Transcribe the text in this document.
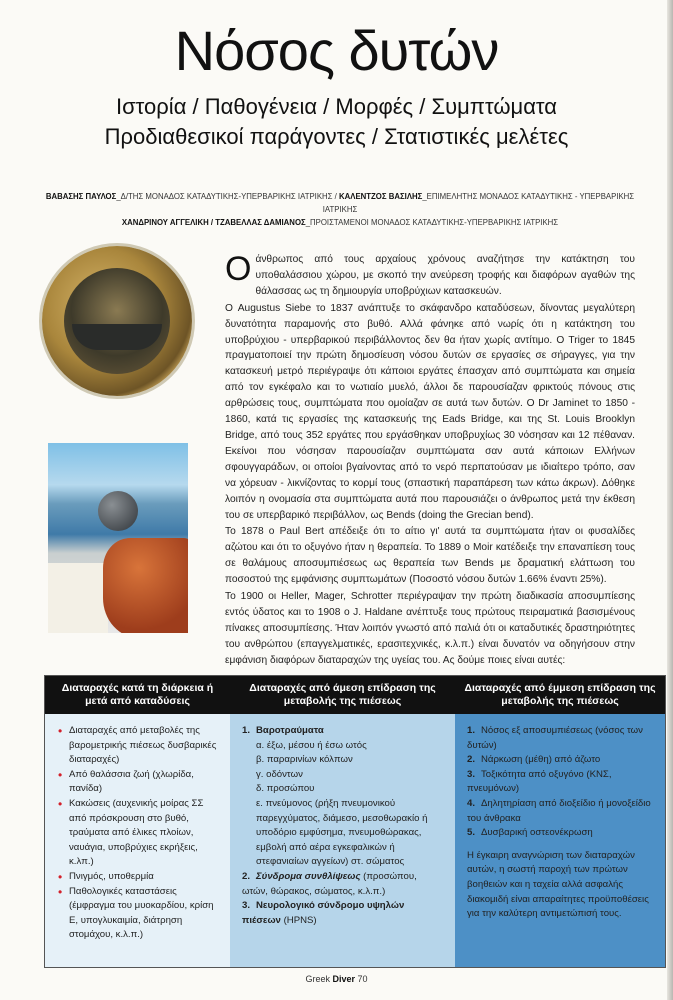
Νόσος δυτών
Ιστορία / Παθογένεια / Μορφές / Συμπτώματα
Προδιαθεσικοί παράγοντες / Στατιστικές μελέτες
ΒΑΒΑΣΗΣ ΠΑΥΛΟΣ_Δ/ΤΗΣ ΜΟΝΑΔΟΣ ΚΑΤΑΔΥΤΙΚΗΣ-ΥΠΕΡΒΑΡΙΚΗΣ ΙΑΤΡΙΚΗΣ / ΚΑΛΕΝΤΖΟΣ ΒΑΣΙΛΗΣ_ΕΠΙΜΕΛΗΤΗΣ ΜΟΝΑΔΟΣ ΚΑΤΑΔΥΤΙΚΗΣ - ΥΠΕΡΒΑΡΙΚΗΣ ΙΑΤΡΙΚΗΣ
ΧΑΝΔΡΙΝΟΥ ΑΓΓΕΛΙΚΗ / ΤΖΑΒΕΛΛΑΣ ΔΑΜΙΑΝΟΣ_ΠΡΟΙΣΤΑΜΕΝΟΙ ΜΟΝΑΔΟΣ ΚΑΤΑΔΥΤΙΚΗΣ-ΥΠΕΡΒΑΡΙΚΗΣ ΙΑΤΡΙΚΗΣ

Ο άνθρωπος από τους αρχαίους χρόνους αναζήτησε την κατάκτηση του υποθαλάσσιου χώρου, με σκοπό την ανεύρεση τροφής και διαφόρων αγαθών της θάλασσας ως τη δημιουργία υποβρύχιων κατασκευών.

Ο Augustus Siebe το 1837 ανάπτυξε το σκάφανδρο καταδύσεων, δίνοντας μεγαλύτερη δυνατότητα παραμονής στο βυθό. Αλλά φάνηκε από νωρίς ότι η κατάκτηση του υποβρύχιου - υπερβαρικού περιβάλλοντος δεν θα ήταν χωρίς αντίτιμο. Ο Triger το 1845 πραγματοποιεί την πρώτη δημοσίευση νόσου δυτών σε εργασίες σε σήραγγες, για την κατασκευή μετρό περιέγραψε ότι κάποιοι εργάτες έπασχαν από συμπτώματα και σημεία από τον εγκέφαλο και το νωτιαίο μυελό, άλλοι δε παρουσίαζαν φρικτούς πόνους στις αρθρώσεις τους, συμπτώματα που ομοίαζαν σε αυτά των δυτών. Ο Dr Jaminet το 1850 - 1860, κατά τις εργασίες της κατασκευής της Eads Bridge, και της St. Louis Brooklyn Bridge, από τους 352 εργάτες που εργάσθηκαν υποβρυχίως 30 νόσησαν και 12 πέθαναν. Εκείνοι που νόσησαν παρουσίαζαν συμπτώματα σαν αυτά κάποιων Ελλήνων σφουγγαράδων, οι οποίοι βγαίνοντας από το νερό περπατούσαν με ιδιαίτερο τρόπο, σαν να χόρευαν - λικνίζοντας το κορμί τους (σπαστική παραπάρεση των κάτω άκρων). Δόθηκε λοιπόν η ονομασία στα συμπτώματα αυτά που παρουσιάζει ο άνθρωπος μετά την έκθεση του σε υπερβαρικό περιβάλλον, ως Bends (doing the Grecian bend).

Το 1878 ο Paul Bert απέδειξε ότι το αίτιο γι' αυτά τα συμπτώματα ήταν οι φυσαλίδες αζώτου και ότι το οξυγόνο ήταν η θεραπεία. Το 1889 ο Moir κατέδειξε την επαναπίεση τους σε θαλάμους αποσυμπιέσεως ως θεραπεία των Bends με δραματική ελάττωση του ποσοστού της εμφάνισης συμπτωμάτων (Ποσοστό νόσου δυτών 1.66% έναντι 25%).

Το 1900 οι Heller, Mager, Schrotter περιέγραψαν την πρώτη διαδικασία αποσυμπίεσης εντός ύδατος και το 1908 ο J. Haldane ανέπτυξε τους πρώτους πειραματικά βασισμένους πίνακες αποσυμπίεσης. Ήταν λοιπόν γνωστό από παλιά ότι οι καταδυτικές δραστηριότητες του ανθρώπου (επαγγελματικές, ερασιτεχνικές, κ.λ.π.) είναι δυνατόν να οδηγήσουν στην εμφάνιση διαφόρων διαταραχών της υγείας του. Ας δούμε ποιες είναι αυτές:

Διαταραχές κατά τη διάρκεια ή μετά από καταδύσεις
• Διαταραχές από μεταβολές της βαρομετρικής πιέσεως δυσβαρικές διαταραχές)
• Από θαλάσσια ζωή (χλωρίδα, πανίδα)
• Κακώσεις (αυχενικής μοίρας ΣΣ από πρόσκρουση στο βυθό, τραύματα από έλικες πλοίων, ναυάγια, υποβρύχιες εκρήξεις, κ.λπ.)
• Πνιγμός, υποθερμία
• Παθολογικές καταστάσεις (έμφραγμα του μυοκαρδίου, κρίση Ε, υπογλυκαιμία, διάτρηση στομάχου, κ.λ.π.)
Διαταραχές από άμεση επίδραση της μεταβολής της πιέσεως
1. Βαροτραύματα
α. έξω, μέσου ή έσω ωτός
β. παραρινίων κόλπων
γ. οδόντων
δ. προσώπου
ε. πνεύμονος (ρήξη πνευμονικού παρεγχύματος, διάμεσο, μεσοθωρακίο ή υποδόριο εμφύσημα, πνευμοθώρακας, εμβολή από αέρα εγκεφαλικών ή στεφανιαίων αγγείων) στ. σώματος
2. Σύνδρομα συνθλίψεως (προσώπου, ωτών, θώρακος, σώματος, κ.λ.π.)
3. Νευρολογικό σύνδρομο υψηλών πιέσεων (HPNS)
Διαταραχές από έμμεση επίδραση της μεταβολής της πιέσεως
1. Νόσος εξ αποσυμπιέσεως (νόσος των δυτών)
2. Νάρκωση (μέθη) από άζωτο
3. Τοξικότητα από οξυγόνο (ΚΝΣ, πνευμόνων)
4. Δηλητηρίαση από διοξείδιο ή μονοξείδιο του άνθρακα
5. Δυσβαρική οστεονέκρωση
Η έγκαιρη αναγνώριση των διαταραχών αυτών, η σωστή παροχή των πρώτων βοηθειών και η ταχεία αλλά ασφαλής διακομιδή είναι απαραίτητες προϋποθέσεις για την καλύτερη αντιμετώπισή τους.
Greek Diver 70
